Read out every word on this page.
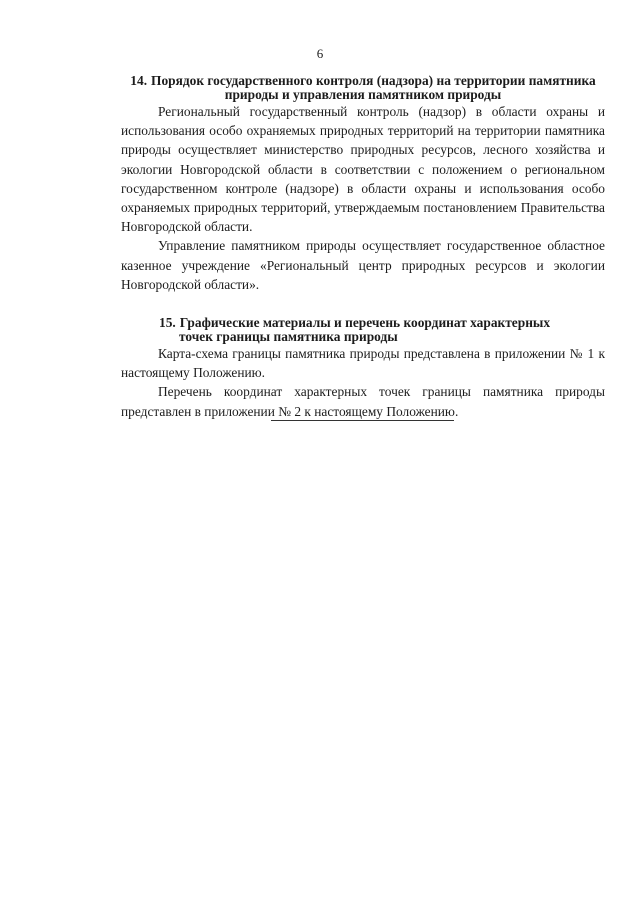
6
14. Порядок государственного контроля (надзора) на территории памятника природы и управления памятником природы

Региональный государственный контроль (надзор) в области охраны и использования особо охраняемых природных территорий на территории памятника природы осуществляет министерство природных ресурсов, лесного хозяйства и экологии Новгородской области в соответствии с положением о региональном государственном контроле (надзоре) в области охраны и использования особо охраняемых природных территорий, утверждаемым постановлением Правительства Новгородской области.

Управление памятником природы осуществляет государственное областное казенное учреждение «Региональный центр природных ресурсов и экологии Новгородской области».

15. Графические материалы и перечень координат характерных
точек границы памятника природы

Карта-схема границы памятника природы представлена в приложении № 1 к настоящему Положению.

Перечень координат характерных точек границы памятника природы представлен в приложении № 2 к настоящему Положению.
